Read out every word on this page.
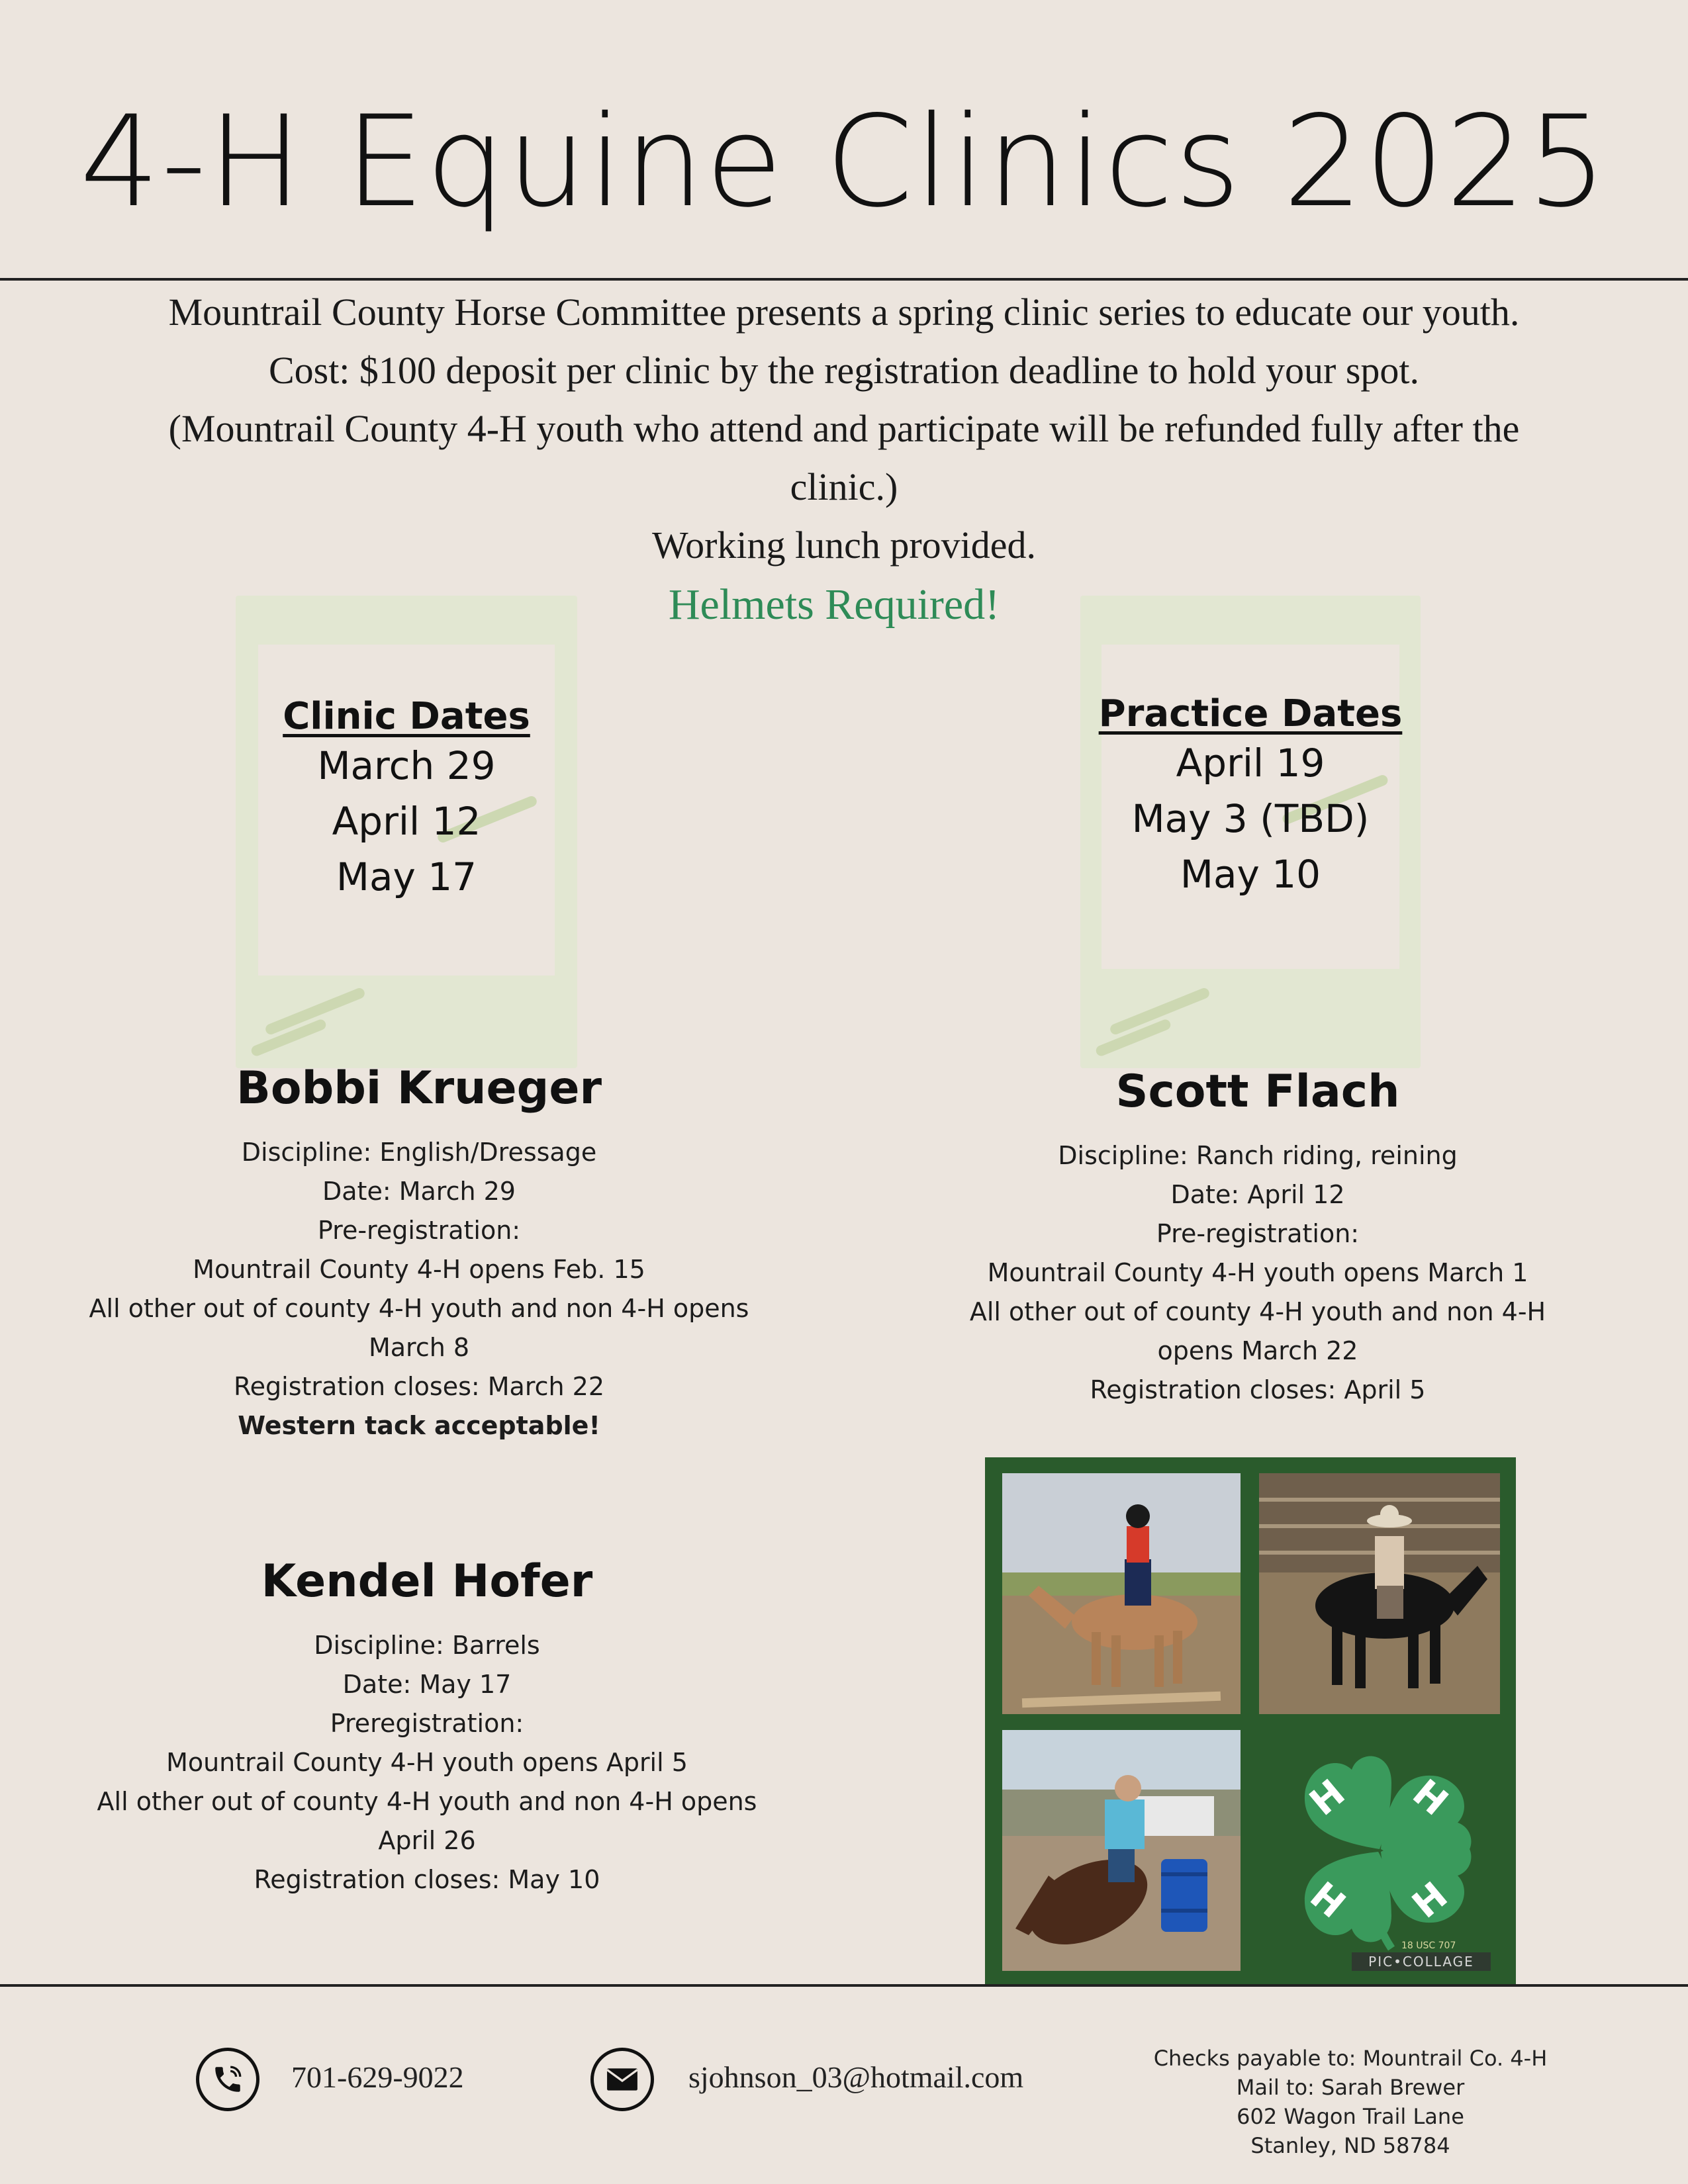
4-H Equine Clinics 2025
Mountrail County Horse Committee presents a spring clinic series to educate our youth.
Cost: $100 deposit per clinic by the registration deadline to hold your spot.
(Mountrail County 4-H youth who attend and participate will be refunded fully after the
clinic.)
Working lunch provided.
Helmets Required!
Clinic Dates
March 29
April 12
May 17
Practice Dates
April 19
May 3 (TBD)
May 10
Bobbi Krueger
Discipline: English/Dressage
Date: March 29
Pre-registration:
Mountrail County 4-H opens Feb. 15
All other out of county 4-H youth and non 4-H opens
March 8
Registration closes: March 22
Western tack acceptable!
Scott Flach
Discipline: Ranch riding, reining
Date: April 12
Pre-registration:
Mountrail County 4-H youth opens March 1
All other out of county 4-H youth and non 4-H
opens March 22
Registration closes: April 5
Kendel Hofer
Discipline: Barrels
Date: May 17
Preregistration:
Mountrail County 4-H youth opens April 5
All other out of county 4-H youth and non 4-H opens
April 26
Registration closes: May 10
H H
H H
18 USC 707
PIC•COLLAGE
701-629-9022	sjohnson_03@hotmail.com
Checks payable to: Mountrail Co. 4-H
Mail to: Sarah Brewer
602 Wagon Trail Lane
Stanley, ND 58784
